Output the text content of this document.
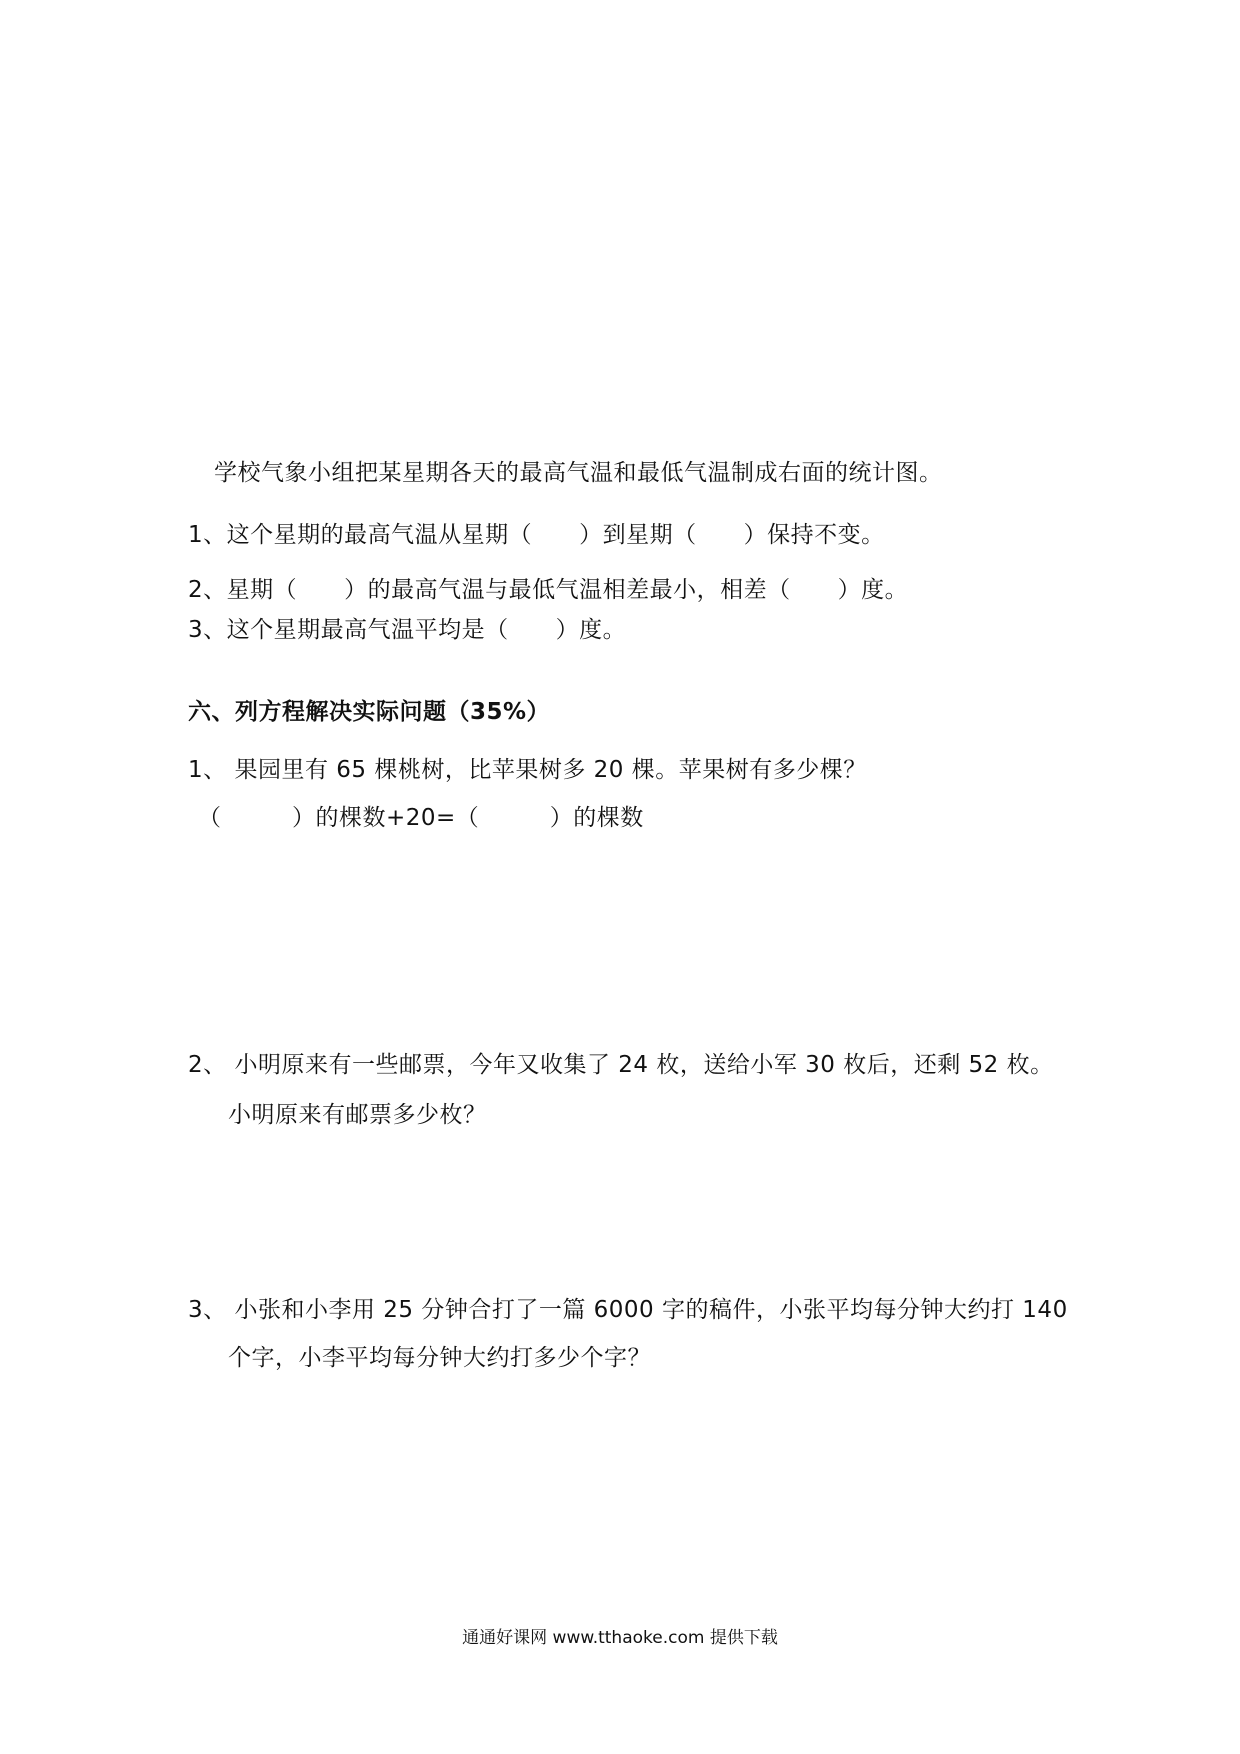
学校气象小组把某星期各天的最高气温和最低气温制成右面的统计图。
1、这个星期的最高气温从星期（　　）到星期（　　）保持不变。
2、星期（　　）的最高气温与最低气温相差最小，相差（　　）度。
3、这个星期最高气温平均是（　　）度。
六、列方程解决实际问题（35%）
1、 果园里有 65 棵桃树，比苹果树多 20 棵。苹果树有多少棵？
（　　　）的棵数+20=（　　　）的棵数
2、 小明原来有一些邮票，今年又收集了 24 枚，送给小军 30 枚后，还剩 52 枚。
小明原来有邮票多少枚？
3、 小张和小李用 25 分钟合打了一篇 6000 字的稿件，小张平均每分钟大约打 140
个字，小李平均每分钟大约打多少个字？
通通好课网 www.tthaoke.com 提供下载
